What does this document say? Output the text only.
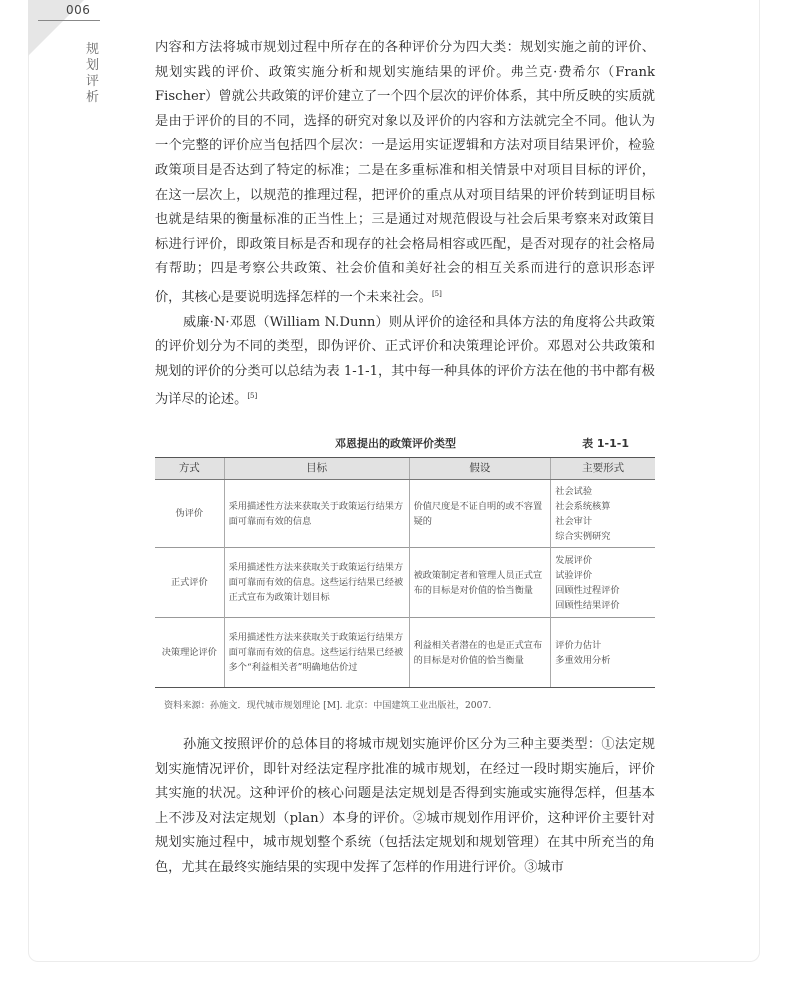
006
规划评析

内容和方法将城市规划过程中所存在的各种评价分为四大类：规划实施之前的评价、规划实践的评价、政策实施分析和规划实施结果的评价。弗兰克·费希尔（Frank Fischer）曾就公共政策的评价建立了一个四个层次的评价体系，其中所反映的实质就是由于评价的目的不同，选择的研究对象以及评价的内容和方法就完全不同。他认为一个完整的评价应当包括四个层次：一是运用实证逻辑和方法对项目结果评价，检验政策项目是否达到了特定的标准；二是在多重标准和相关情景中对项目目标的评价，在这一层次上，以规范的推理过程，把评价的重点从对项目结果的评价转到证明目标也就是结果的衡量标准的正当性上；三是通过对规范假设与社会后果考察来对政策目标进行评价，即政策目标是否和现存的社会格局相容或匹配，是否对现存的社会格局有帮助；四是考察公共政策、社会价值和美好社会的相互关系而进行的意识形态评价，其核心是要说明选择怎样的一个未来社会。[5]

威廉·N·邓恩（William N.Dunn）则从评价的途径和具体方法的角度将公共政策的评价划分为不同的类型，即伪评价、正式评价和决策理论评价。邓恩对公共政策和规划的评价的分类可以总结为表 1-1-1，其中每一种具体的评价方法在他的书中都有极为详尽的论述。[5]

邓恩提出的政策评价类型	表 1-1-1
方式	目标	假设	主要形式
伪评价	采用描述性方法来获取关于政策运行结果方面可靠而有效的信息	价值尺度是不证自明的或不容置疑的	社会试验
社会系统核算
社会审计
综合实例研究

正式评价	采用描述性方法来获取关于政策运行结果方面可靠而有效的信息。这些运行结果已经被正式宣布为政策计划目标	被政策制定者和管理人员正式宣布的目标是对价值的恰当衡量	发展评价
试验评价
回顾性过程评价
回顾性结果评价

决策理论评价	采用描述性方法来获取关于政策运行结果方面可靠而有效的信息。这些运行结果已经被多个“利益相关者”明确地估价过	利益相关者潜在的也是正式宣布的目标是对价值的恰当衡量	评价力估计
多重效用分析
资料来源：孙施文．现代城市规划理论 [M]. 北京：中国建筑工业出版社，2007.

孙施文按照评价的总体目的将城市规划实施评价区分为三种主要类型：①法定规划实施情况评价，即针对经法定程序批准的城市规划，在经过一段时期实施后，评价其实施的状况。这种评价的核心问题是法定规划是否得到实施或实施得怎样，但基本上不涉及对法定规划（plan）本身的评价。②城市规划作用评价，这种评价主要针对规划实施过程中，城市规划整个系统（包括法定规划和规划管理）在其中所充当的角色，尤其在最终实施结果的实现中发挥了怎样的作用进行评价。③城市
